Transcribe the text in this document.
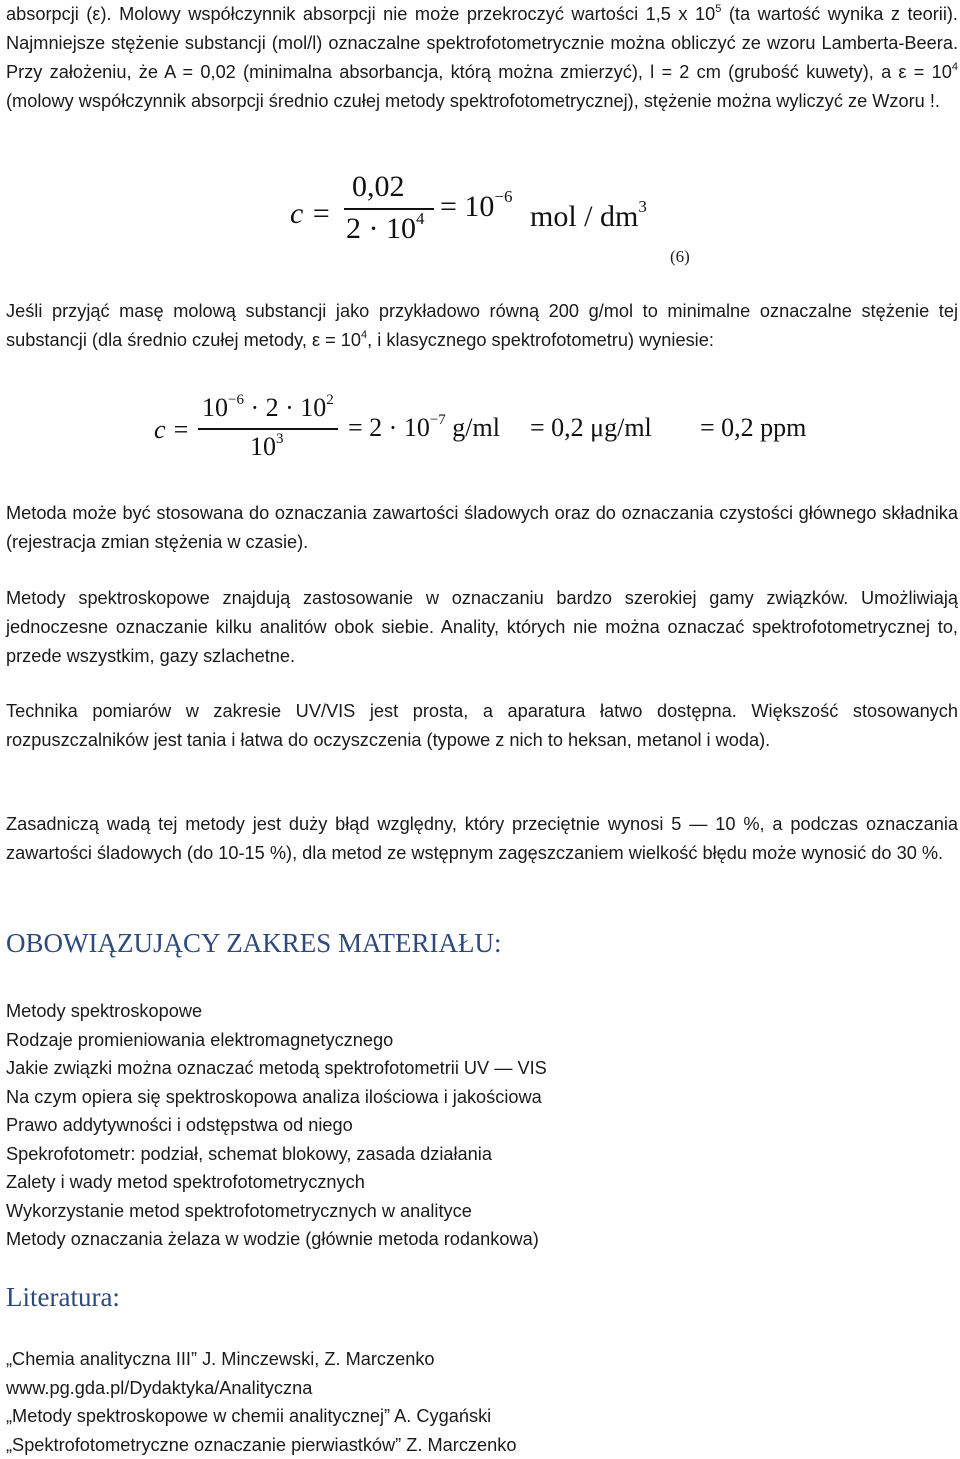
absorpcji (ε). Molowy współczynnik absorpcji nie może przekroczyć wartości 1,5 x $10^5$ (ta wartość wynika z teorii). Najmniejsze stężenie substancji (mol/l) oznaczalne spektrofotometrycznie można obliczyć ze wzoru Lamberta-Beera. Przy założeniu, że A = 0,02 (minimalna absorbancja, którą można zmierzyć), l = 2 cm (grubość kuwety), a $\varepsilon = 10^4$ (molowy współczynnik absorpcji średnio czułej metody spektrofotometrycznej), stężenie można wyliczyć ze Wzoru !.

c =
0,02
$2 \cdot 10^4 = 10^{-6}$
mol / $dm^3$
(6)

Jeśli przyjąć masę molową substancji jako przykładowo równą 200 g/mol to minimalne oznaczalne stężenie tej substancji (dla średnio czułej metody, $\varepsilon = 10^4$, i klasycznego spektrofotometru) wyniesie:

c =
$10^{-6} \cdot 2 \cdot 10^2$
$10^3 = 2 \cdot 10^{-7}$ g/ml = 0,2 μg/ml = 0,2 ppm

Metoda może być stosowana do oznaczania zawartości śladowych oraz do oznaczania czystości głównego składnika (rejestracja zmian stężenia w czasie).

Metody spektroskopowe znajdują zastosowanie w oznaczaniu bardzo szerokiej gamy związków. Umożliwiają jednoczesne oznaczanie kilku analitów obok siebie. Anality, których nie można oznaczać spektrofotometrycznej to, przede wszystkim, gazy szlachetne.

Technika pomiarów w zakresie UV/VIS jest prosta, a aparatura łatwo dostępna. Większość stosowanych rozpuszczalników jest tania i łatwa do oczyszczenia (typowe z nich to heksan, metanol i woda).

Zasadniczą wadą tej metody jest duży błąd względny, który przeciętnie wynosi 5 — 10 %, a podczas oznaczania zawartości śladowych (do 10-15 %), dla metod ze wstępnym zagęszczaniem wielkość błędu może wynosić do 30 %.

OBOWIĄZUJĄCY ZAKRES MATERIAŁU:
Metody spektroskopowe
Rodzaje promieniowania elektromagnetycznego
Jakie związki można oznaczać metodą spektrofotometrii UV — VIS
Na czym opiera się spektroskopowa analiza ilościowa i jakościowa
Prawo addytywności i odstępstwa od niego
Spekrofotometr: podział, schemat blokowy, zasada działania
Zalety i wady metod spektrofotometrycznych
Wykorzystanie metod spektrofotometrycznych w analityce
Metody oznaczania żelaza w wodzie (głównie metoda rodankowa)
Literatura:
„Chemia analityczna III” J. Minczewski, Z. Marczenko
www.pg.gda.pl/Dydaktyka/Analityczna
„Metody spektroskopowe w chemii analitycznej” A. Cygański
„Spektrofotometryczne oznaczanie pierwiastków” Z. Marczenko
